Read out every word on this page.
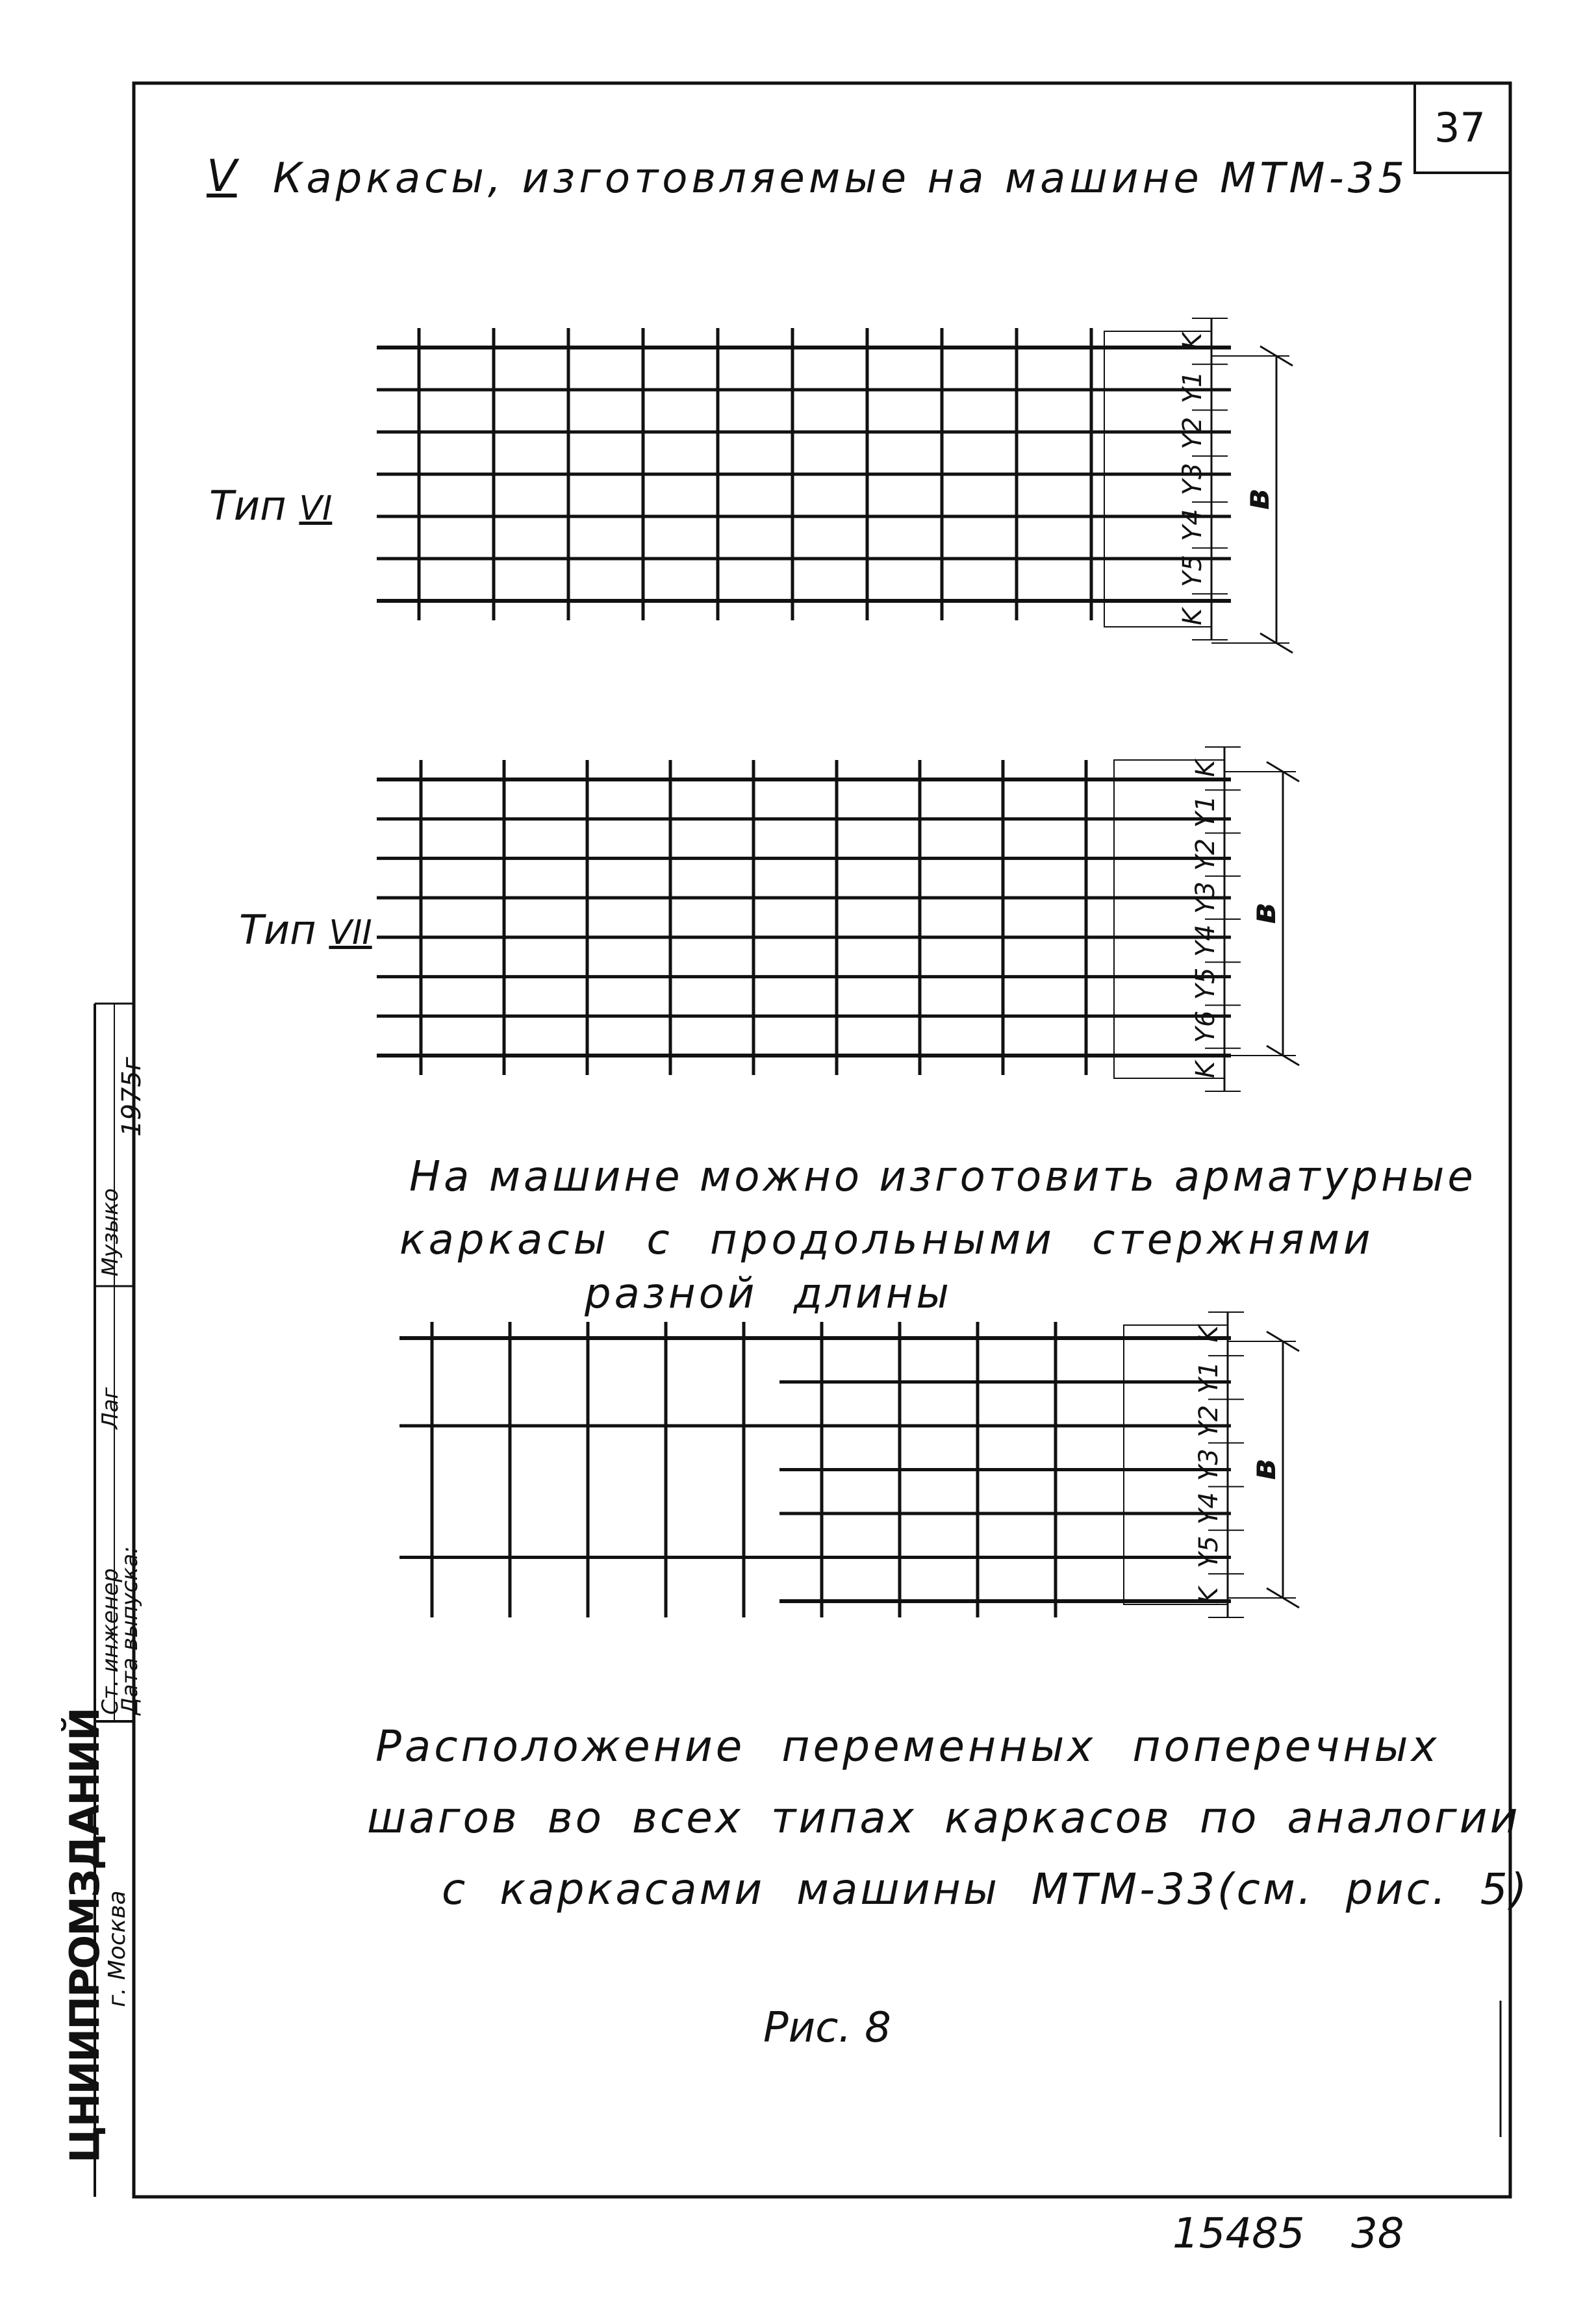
K
Y1
Y2
Y3
Y4
Y5
K
в
K
Y1
Y2
Y3
Y4
Y5
Y6
K
в
K
Y1
Y2
Y3
Y4
Y5
K
в
37
V Каркасы, изготовляемые на машине МТМ-35
Тип VI
Тип VII
На машине можно изготовить арматурные
каркасы с продольными стержнями
разной длины
Расположение переменных поперечных
шагов во всех типах каркасов по аналогии
с каркасами машины МТМ-33(см. рис. 5)
Рис. 8
15485 38
ЦНИИПРОМЗДАНИЙ
г. Москва
Ст. инженер
Лаг
Дата выпуска:
Музыко
1975г
